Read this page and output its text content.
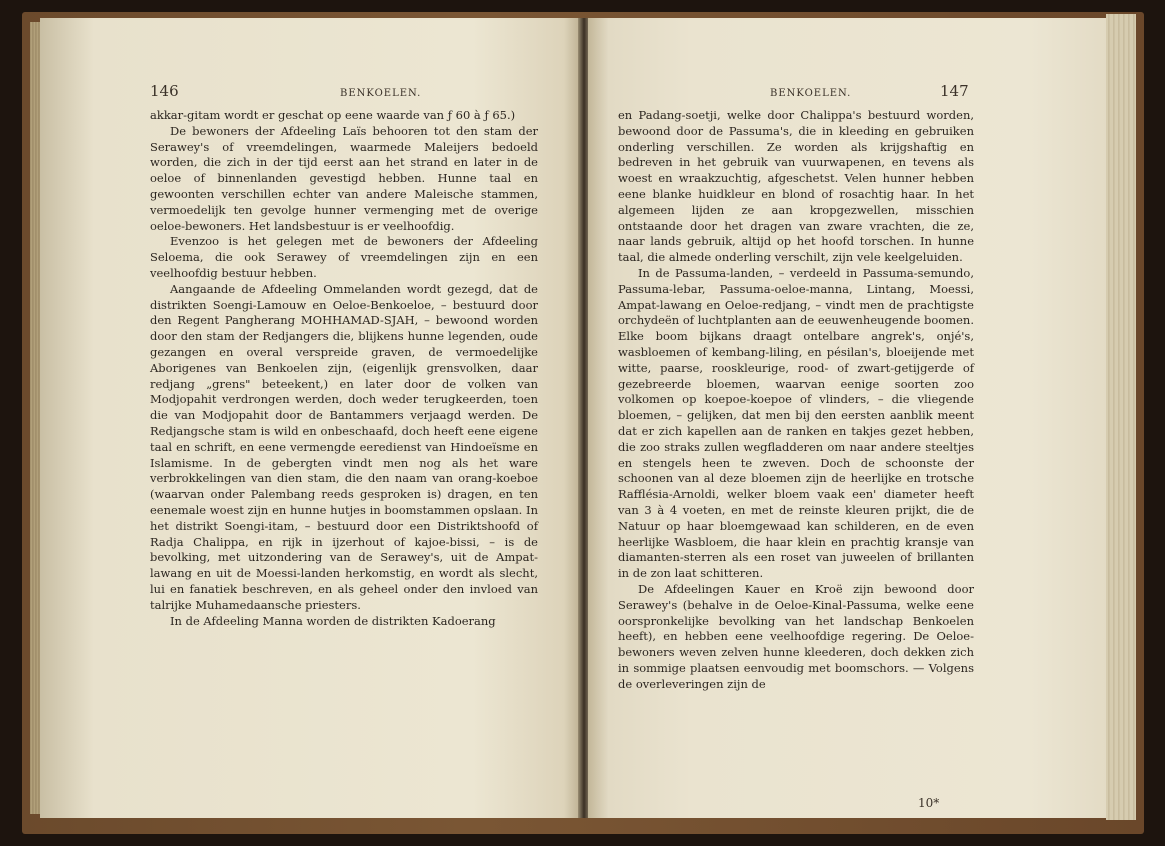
146	BENKOELEN.

akkar-gitam wordt er geschat op eene waarde van ƒ 60 à ƒ 65.)

De bewoners der Afdeeling Laïs behooren tot den stam der Serawey's of vreemdelingen, waarmede Maleijers bedoeld worden, die zich in der tijd eerst aan het strand en later in de oeloe of binnenlanden gevestigd hebben. Hunne taal en gewoonten verschillen echter van andere Maleische stammen, vermoedelijk ten gevolge hunner vermenging met de overige oeloe-bewoners. Het landsbestuur is er veelhoofdig.

Evenzoo is het gelegen met de bewoners der Afdeeling Seloema, die ook Serawey of vreemdelingen zijn en een veelhoofdig bestuur hebben.

Aangaande de Afdeeling Ommelanden wordt gezegd, dat de distrikten Soengi-Lamouw en Oeloe-Benkoeloe, – bestuurd door den Regent Pangherang MOHHAMAD-SJAH, – bewoond worden door den stam der Redjangers die, blijkens hunne legenden, oude gezangen en overal verspreide graven, de vermoedelijke Aborigenes van Benkoelen zijn, (eigenlijk grensvolken, daar redjang „grens" beteekent,) en later door de volken van Modjopahit verdrongen werden, doch weder terugkeerden, toen die van Modjopahit door de Bantammers verjaagd werden. De Redjangsche stam is wild en onbeschaafd, doch heeft eene eigene taal en schrift, en eene vermengde eeredienst van Hindoeïsme en Islamisme. In de gebergten vindt men nog als het ware verbrokkelingen van dien stam, die den naam van orang-koeboe (waarvan onder Palembang reeds gesproken is) dragen, en ten eenemale woest zijn en hunne hutjes in boomstammen opslaan. In het distrikt Soengi-itam, – bestuurd door een Distriktshoofd of Radja Chalippa, en rijk in ijzerhout of kajoe-bissi, – is de bevolking, met uitzondering van de Serawey's, uit de Ampat-lawang en uit de Moessi-landen herkomstig, en wordt als slecht, lui en fanatiek beschreven, en als geheel onder den invloed van talrijke Muhamedaansche priesters.

In de Afdeeling Manna worden de distrikten Kadoerang

BENKOELEN.	147

en Padang-soetji, welke door Chalippa's bestuurd worden, bewoond door de Passuma's, die in kleeding en gebruiken onderling verschillen. Ze worden als krijgshaftig en bedreven in het gebruik van vuurwapenen, en tevens als woest en wraakzuchtig, afgeschetst. Velen hunner hebben eene blanke huidkleur en blond of rosachtig haar. In het algemeen lijden ze aan kropgezwellen, misschien ontstaande door het dragen van zware vrachten, die ze, naar lands gebruik, altijd op het hoofd torschen. In hunne taal, die almede onderling verschilt, zijn vele keelgeluiden.

In de Passuma-landen, – verdeeld in Passuma-semundo, Passuma-lebar, Passuma-oeloe-manna, Lintang, Moessi, Ampat-lawang en Oeloe-redjang, – vindt men de prachtigste orchydeën of luchtplanten aan de eeuwenheugende boomen. Elke boom bijkans draagt ontelbare angrek's, onjé's, wasbloemen of kembang-liling, en pésilan's, bloeijende met witte, paarse, rooskleurige, rood- of zwart-getijgerde of gezebreerde bloemen, waarvan eenige soorten zoo volkomen op koepoe-koepoe of vlinders, – die vliegende bloemen, – gelijken, dat men bij den eersten aanblik meent dat er zich kapellen aan de ranken en takjes gezet hebben, die zoo straks zullen wegfladderen om naar andere steeltjes en stengels heen te zweven. Doch de schoonste der schoonen van al deze bloemen zijn de heerlijke en trotsche Rafflésia-Arnoldi, welker bloem vaak een' diameter heeft van 3 à 4 voeten, en met de reinste kleuren prijkt, die de Natuur op haar bloemgewaad kan schilderen, en de even heerlijke Wasbloem, die haar klein en prachtig kransje van diamanten-sterren als een roset van juweelen of brillanten in de zon laat schitteren.

De Afdeelingen Kauer en Kroë zijn bewoond door Serawey's (behalve in de Oeloe-Kinal-Passuma, welke eene oorspronkelijke bevolking van het landschap Benkoelen heeft), en hebben eene veelhoofdige regering. De Oeloe-bewoners weven zelven hunne kleederen, doch dekken zich in sommige plaatsen eenvoudig met boomschors. — Volgens de overleveringen zijn de

10*
